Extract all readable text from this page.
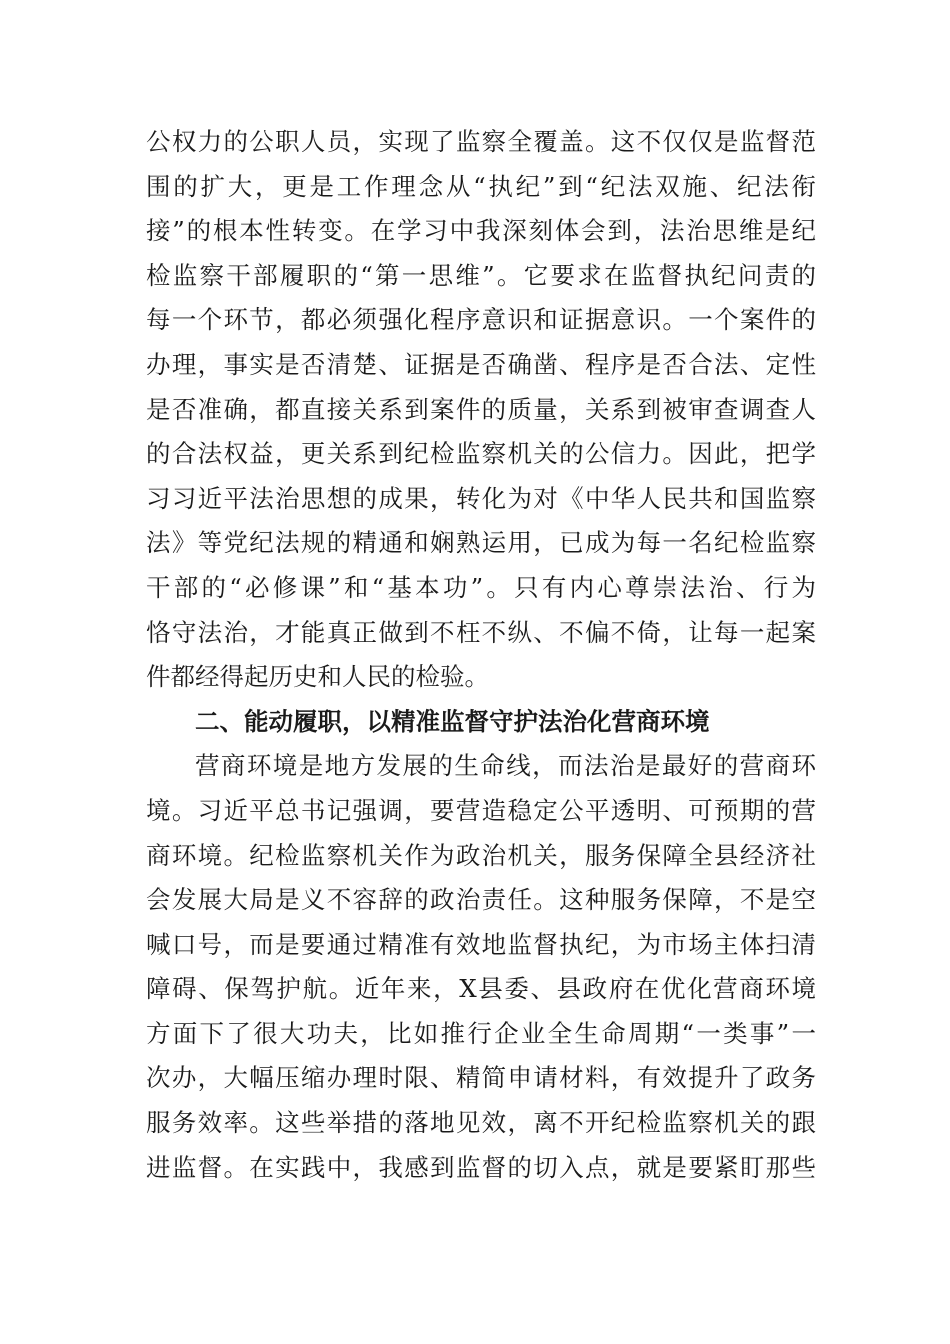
公权力的公职人员，实现了监察全覆盖。这不仅仅是监督范
围的扩大，更是工作理念从“执纪”到“纪法双施、纪法衔
接”的根本性转变。在学习中我深刻体会到，法治思维是纪
检监察干部履职的“第一思维”。它要求在监督执纪问责的
每一个环节，都必须强化程序意识和证据意识。一个案件的
办理，事实是否清楚、证据是否确凿、程序是否合法、定性
是否准确，都直接关系到案件的质量，关系到被审查调查人
的合法权益，更关系到纪检监察机关的公信力。因此，把学
习习近平法治思想的成果，转化为对《中华人民共和国监察
法》等党纪法规的精通和娴熟运用，已成为每一名纪检监察
干部的“必修课”和“基本功”。只有内心尊崇法治、行为
恪守法治，才能真正做到不枉不纵、不偏不倚，让每一起案
件都经得起历史和人民的检验。
二、能动履职，以精准监督守护法治化营商环境
营商环境是地方发展的生命线，而法治是最好的营商环
境。习近平总书记强调，要营造稳定公平透明、可预期的营
商环境。纪检监察机关作为政治机关，服务保障全县经济社
会发展大局是义不容辞的政治责任。这种服务保障，不是空
喊口号，而是要通过精准有效地监督执纪，为市场主体扫清
障碍、保驾护航。近年来，X县委、县政府在优化营商环境
方面下了很大功夫，比如推行企业全生命周期“一类事”一
次办，大幅压缩办理时限、精简申请材料，有效提升了政务
服务效率。这些举措的落地见效，离不开纪检监察机关的跟
进监督。在实践中，我感到监督的切入点，就是要紧盯那些
